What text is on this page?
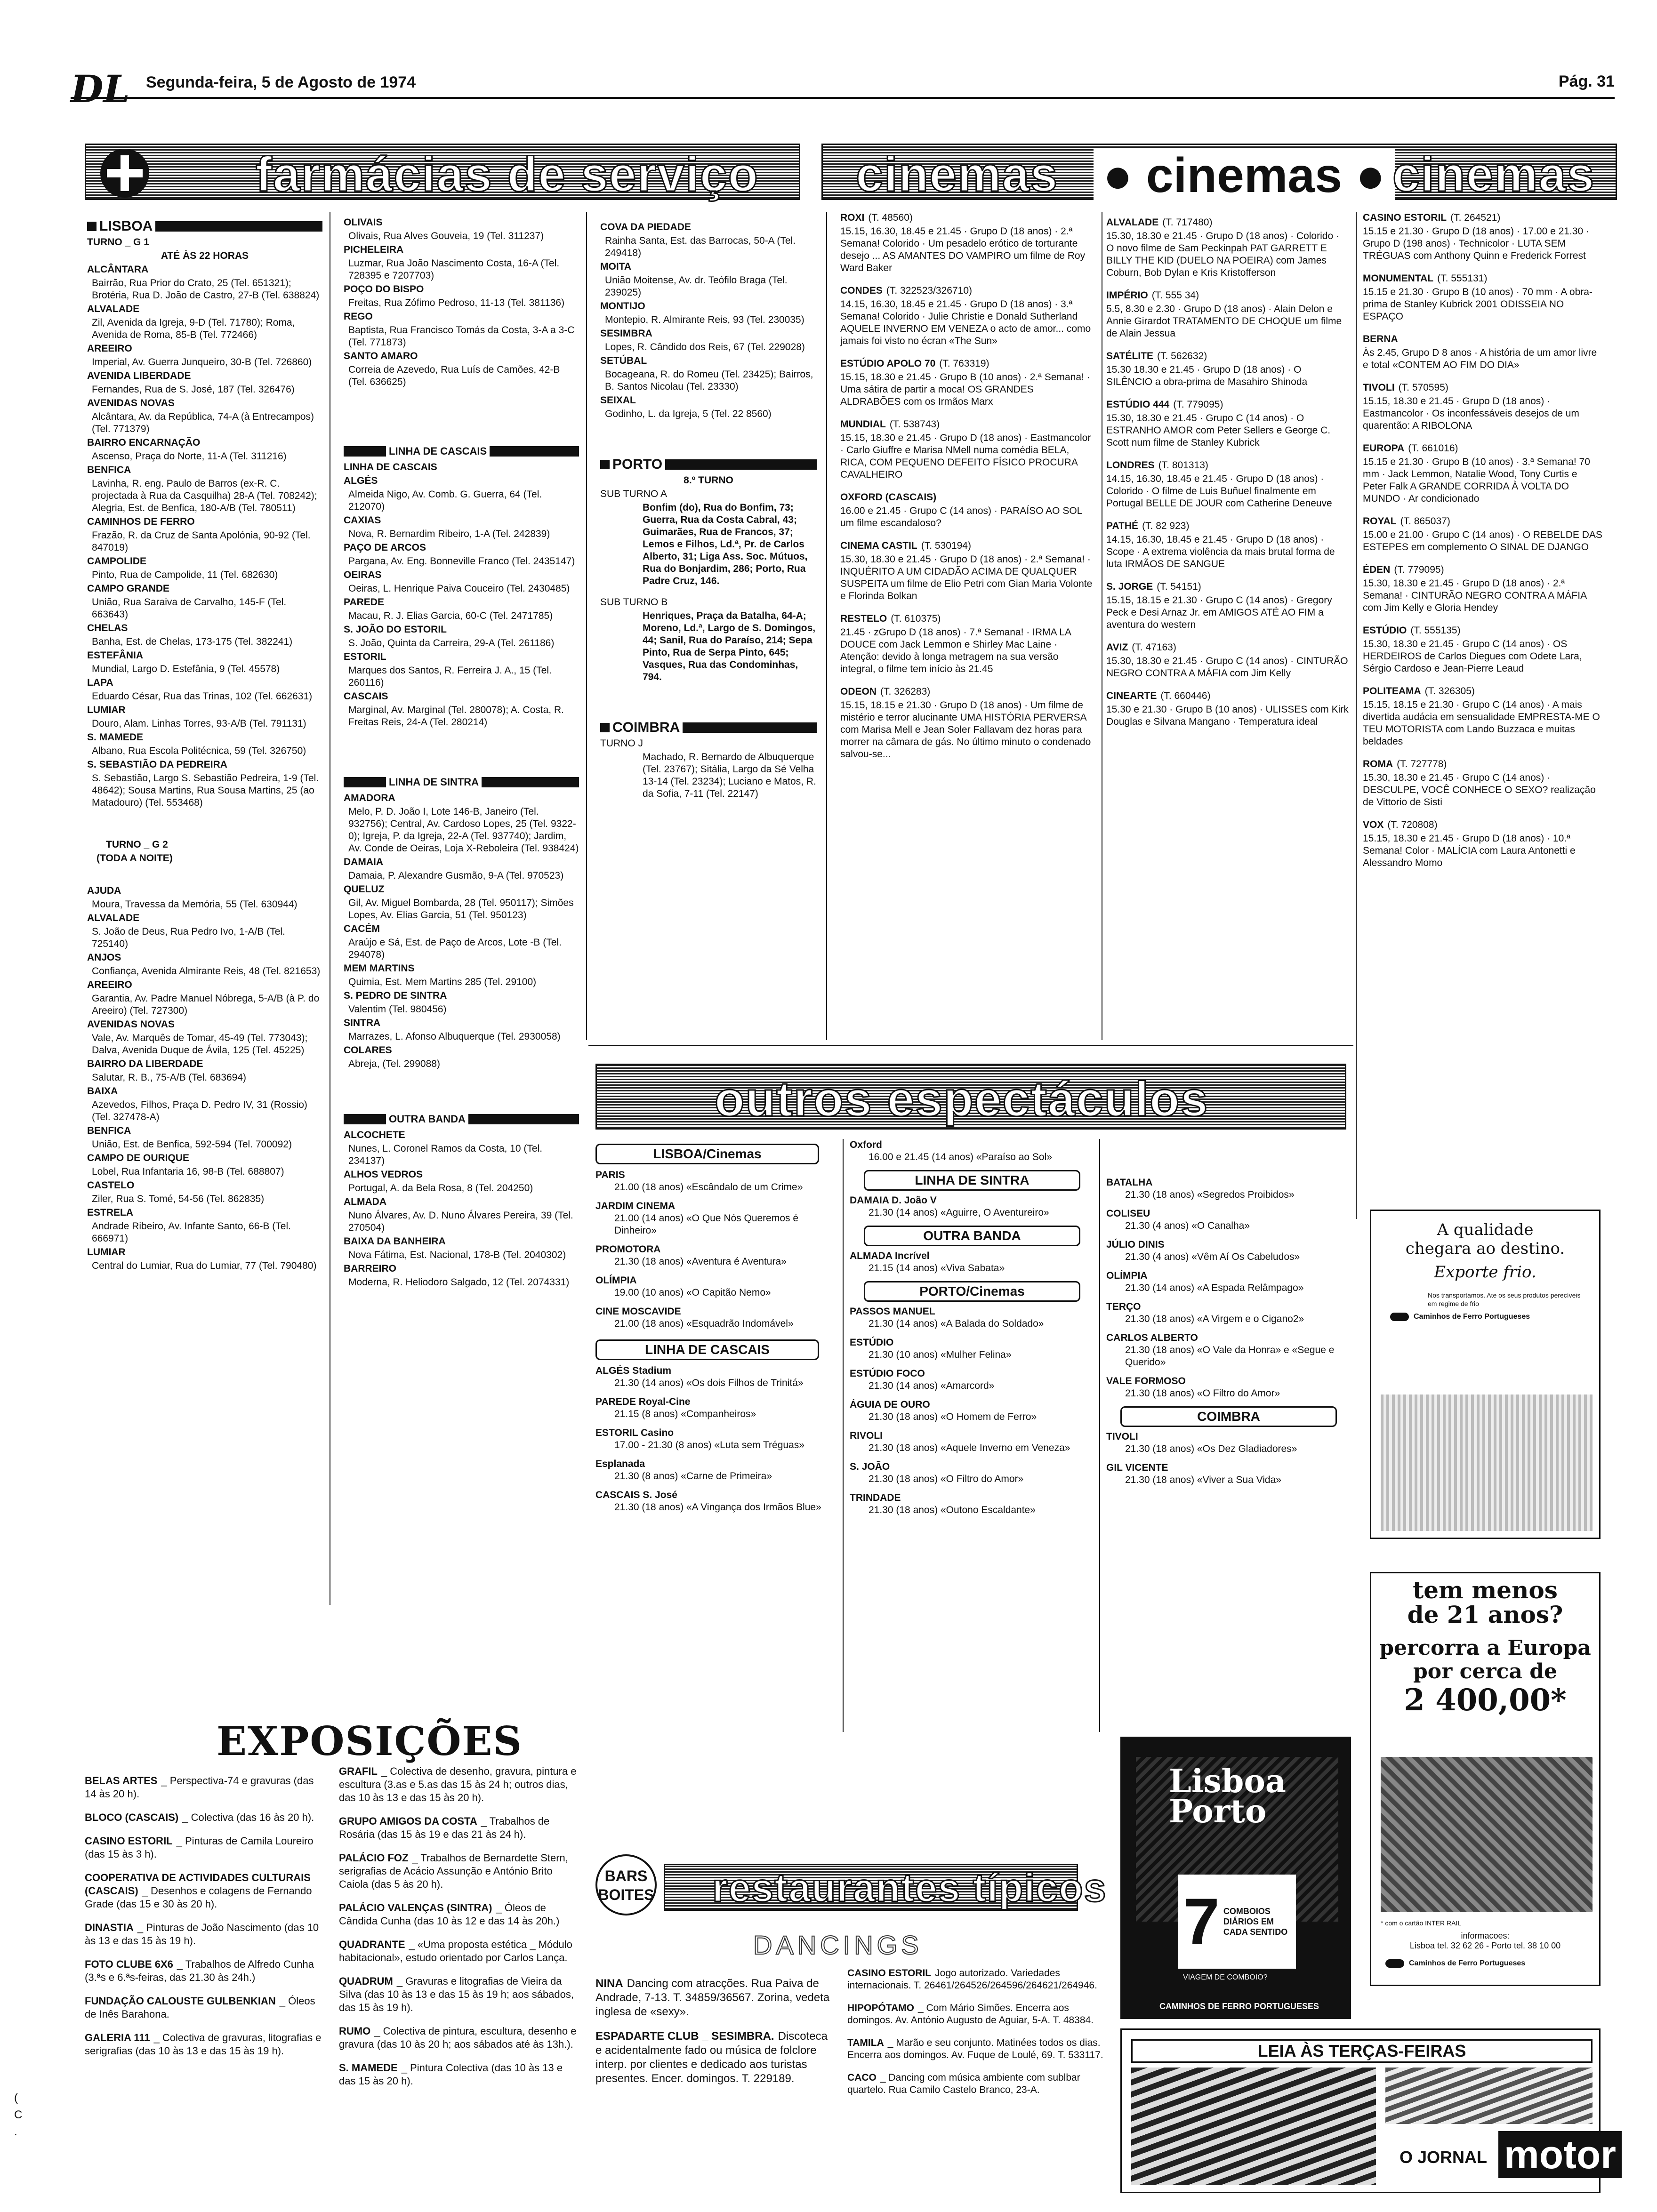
DL Segunda-feira, 5 de Agosto de 1974	Pág. 31
farmácias de serviço cinemas ● cinemas ● cinemas
LISBOA

TURNO _ G 1

ATÉ ÀS 22 HORAS

ALCÂNTARA

Bairrão, Rua Prior do Crato, 25 (Tel. 651321); Brotéria, Rua D. João de Castro, 27-B (Tel. 638824)

ALVALADE

Zil, Avenida da Igreja, 9-D (Tel. 71780); Roma, Avenida de Roma, 85-B (Tel. 772466)

AREEIRO

Imperial, Av. Guerra Junqueiro, 30-B (Tel. 726860)

AVENIDA LIBERDADE

Fernandes, Rua de S. José, 187 (Tel. 326476)

AVENIDAS NOVAS

Alcântara, Av. da República, 74-A (à Entrecampos) (Tel. 771379)

BAIRRO ENCARNAÇÃO

Ascenso, Praça do Norte, 11-A (Tel. 311216)

BENFICA

Lavinha, R. eng. Paulo de Barros (ex-R. C. projectada à Rua da Casquilha) 28-A (Tel. 708242); Alegria, Est. de Benfica, 180-A/B (Tel. 780511)

CAMINHOS DE FERRO

Frazão, R. da Cruz de Santa Apolónia, 90-92 (Tel. 847019)

CAMPOLIDE

Pinto, Rua de Campolide, 11 (Tel. 682630)

CAMPO GRANDE

União, Rua Saraiva de Carvalho, 145-F (Tel. 663643)

CHELAS

Banha, Est. de Chelas, 173-175 (Tel. 382241)

ESTEFÂNIA

Mundial, Largo D. Estefânia, 9 (Tel. 45578)

LAPA

Eduardo César, Rua das Trinas, 102 (Tel. 662631)

LUMIAR

Douro, Alam. Linhas Torres, 93-A/B (Tel. 791131)

S. MAMEDE

Albano, Rua Escola Politécnica, 59 (Tel. 326750)

S. SEBASTIÃO DA PEDREIRA

S. Sebastião, Largo S. Sebastião Pedreira, 1-9 (Tel. 48642); Sousa Martins, Rua Sousa Martins, 25 (ao Matadouro) (Tel. 553468)

TURNO _ G 2

(TODA A NOITE)

AJUDA

Moura, Travessa da Memória, 55 (Tel. 630944)

ALVALADE

S. João de Deus, Rua Pedro Ivo, 1-A/B (Tel. 725140)

ANJOS

Confiança, Avenida Almirante Reis, 48 (Tel. 821653)

AREEIRO

Garantia, Av. Padre Manuel Nóbrega, 5-A/B (à P. do Areeiro) (Tel. 727300)

AVENIDAS NOVAS

Vale, Av. Marquês de Tomar, 45-49 (Tel. 773043); Dalva, Avenida Duque de Ávila, 125 (Tel. 45225)

BAIRRO DA LIBERDADE

Salutar, R. B., 75-A/B (Tel. 683694)

BAIXA

Azevedos, Filhos, Praça D. Pedro IV, 31 (Rossio) (Tel. 327478-A)

BENFICA

União, Est. de Benfica, 592-594 (Tel. 700092)

CAMPO DE OURIQUE

Lobel, Rua Infantaria 16, 98-B (Tel. 688807)

CASTELO

Ziler, Rua S. Tomé, 54-56 (Tel. 862835)

ESTRELA

Andrade Ribeiro, Av. Infante Santo, 66-B (Tel. 666971)

LUMIAR

Central do Lumiar, Rua do Lumiar, 77 (Tel. 790480)

OLIVAIS

Olivais, Rua Alves Gouveia, 19 (Tel. 311237)

PICHELEIRA

Luzmar, Rua João Nascimento Costa, 16-A (Tel. 728395 e 7207703)

POÇO DO BISPO

Freitas, Rua Zófimo Pedroso, 11-13 (Tel. 381136)

REGO

Baptista, Rua Francisco Tomás da Costa, 3-A a 3-C (Tel. 771873)

SANTO AMARO

Correia de Azevedo, Rua Luís de Camões, 42-B (Tel. 636625)

LINHA DE CASCAIS

LINHA DE CASCAIS

ALGÉS

Almeida Nigo, Av. Comb. G. Guerra, 64 (Tel. 212070)

CAXIAS

Nova, R. Bernardim Ribeiro, 1-A (Tel. 242839)

PAÇO DE ARCOS

Pargana, Av. Eng. Bonneville Franco (Tel. 2435147)

OEIRAS

Oeiras, L. Henrique Paiva Couceiro (Tel. 2430485)

PAREDE

Macau, R. J. Elias Garcia, 60-C (Tel. 2471785)

S. JOÃO DO ESTORIL

S. João, Quinta da Carreira, 29-A (Tel. 261186)

ESTORIL

Marques dos Santos, R. Ferreira J. A., 15 (Tel. 260116)

CASCAIS

Marginal, Av. Marginal (Tel. 280078); A. Costa, R. Freitas Reis, 24-A (Tel. 280214)

LINHA DE SINTRA

AMADORA

Melo, P. D. João I, Lote 146-B, Janeiro (Tel. 932756); Central, Av. Cardoso Lopes, 25 (Tel. 9322-0); Igreja, P. da Igreja, 22-A (Tel. 937740); Jardim, Av. Conde de Oeiras, Loja X-Reboleira (Tel. 938424)

DAMAIA

Damaia, P. Alexandre Gusmão, 9-A (Tel. 970523)

QUELUZ

Gil, Av. Miguel Bombarda, 28 (Tel. 950117); Simões Lopes, Av. Elias Garcia, 51 (Tel. 950123)

CACÉM

Araújo e Sá, Est. de Paço de Arcos, Lote -B (Tel. 294078)

MEM MARTINS

Quimia, Est. Mem Martins 285 (Tel. 29100)

S. PEDRO DE SINTRA

Valentim (Tel. 980456)

SINTRA

Marrazes, L. Afonso Albuquerque (Tel. 2930058)

COLARES

Abreja, (Tel. 299088)

OUTRA BANDA

ALCOCHETE

Nunes, L. Coronel Ramos da Costa, 10 (Tel. 234137)

ALHOS VEDROS

Portugal, A. da Bela Rosa, 8 (Tel. 204250)

ALMADA

Nuno Álvares, Av. D. Nuno Álvares Pereira, 39 (Tel. 270504)

BAIXA DA BANHEIRA

Nova Fátima, Est. Nacional, 178-B (Tel. 2040302)

BARREIRO

Moderna, R. Heliodoro Salgado, 12 (Tel. 2074331)

COVA DA PIEDADE

Rainha Santa, Est. das Barrocas, 50-A (Tel. 249418)

MOITA

União Moitense, Av. dr. Teófilo Braga (Tel. 239025)

MONTIJO

Montepio, R. Almirante Reis, 93 (Tel. 230035)

SESIMBRA

Lopes, R. Cândido dos Reis, 67 (Tel. 229028)

SETÚBAL

Bocageana, R. do Romeu (Tel. 23425); Bairros, B. Santos Nicolau (Tel. 23330)

SEIXAL

Godinho, L. da Igreja, 5 (Tel. 22 8560)

PORTO

8.º TURNO

SUB TURNO A

Bonfim (do), Rua do Bonfim, 73; Guerra, Rua da Costa Cabral, 43; Guimarães, Rua de Francos, 37; Lemos e Filhos, Ld.ª, Pr. de Carlos Alberto, 31; Liga Ass. Soc. Mútuos, Rua do Bonjardim, 286; Porto, Rua Padre Cruz, 146.

SUB TURNO B

Henriques, Praça da Batalha, 64-A; Moreno, Ld.ª, Largo de S. Domingos, 44; Sanil, Rua do Paraíso, 214; Sepa Pinto, Rua de Serpa Pinto, 645; Vasques, Rua das Condominhas, 794.

COIMBRA

TURNO J

Machado, R. Bernardo de Albuquerque (Tel. 23767); Sitália, Largo da Sé Velha 13-14 (Tel. 23234); Luciano e Matos, R. da Sofia, 7-11 (Tel. 22147)

ROXI (T. 48560)

15.15, 16.30, 18.45 e 21.45 · Grupo D (18 anos) · 2.ª Semana! Colorido · Um pesadelo erótico de torturante desejo ... AS AMANTES DO VAMPIRO um filme de Roy Ward Baker

CONDES (T. 322523/326710)

14.15, 16.30, 18.45 e 21.45 · Grupo D (18 anos) · 3.ª Semana! Colorido · Julie Christie e Donald Sutherland AQUELE INVERNO EM VENEZA o acto de amor... como jamais foi visto no écran «The Sun»

ESTÚDIO APOLO 70 (T. 763319)

15.15, 18.30 e 21.45 · Grupo B (10 anos) · 2.ª Semana! · Uma sátira de partir a moca! OS GRANDES ALDRABÕES com os Irmãos Marx

MUNDIAL (T. 538743)

15.15, 18.30 e 21.45 · Grupo D (18 anos) · Eastmancolor · Carlo Giuffre e Marisa NMell numa comédia BELA, RICA, COM PEQUENO DEFEITO FÍSICO PROCURA CAVALHEIRO

OXFORD (CASCAIS)

16.00 e 21.45 · Grupo C (14 anos) · PARAÍSO AO SOL um filme escandaloso?

CINEMA CASTIL (T. 530194)

15.30, 18.30 e 21.45 · Grupo D (18 anos) · 2.ª Semana! · INQUÉRITO A UM CIDADÃO ACIMA DE QUALQUER SUSPEITA um filme de Elio Petri com Gian Maria Volonte e Florinda Bolkan

RESTELO (T. 610375)

21.45 · zGrupo D (18 anos) · 7.ª Semana! · IRMA LA DOUCE com Jack Lemmon e Shirley Mac Laine · Atenção: devido à longa metragem na sua versão integral, o filme tem início às 21.45

ODEON (T. 326283)

15.15, 18.15 e 21.30 · Grupo D (18 anos) · Um filme de mistério e terror alucinante UMA HISTÓRIA PERVERSA com Marisa Mell e Jean Soler Fallavam dez horas para morrer na câmara de gás. No último minuto o condenado salvou-se...

ALVALADE (T. 717480)

15.30, 18.30 e 21.45 · Grupo D (18 anos) · Colorido · O novo filme de Sam Peckinpah PAT GARRETT E BILLY THE KID (DUELO NA POEIRA) com James Coburn, Bob Dylan e Kris Kristofferson

IMPÉRIO (T. 555 34)

5.5, 8.30 e 2.30 · Grupo D (18 anos) · Alain Delon e Annie Girardot TRATAMENTO DE CHOQUE um filme de Alain Jessua

SATÉLITE (T. 562632)

15.30 18.30 e 21.45 · Grupo D (18 anos) · O SILÊNCIO a obra-prima de Masahiro Shinoda

ESTÚDIO 444 (T. 779095)

15.30, 18.30 e 21.45 · Grupo C (14 anos) · O ESTRANHO AMOR com Peter Sellers e George C. Scott num filme de Stanley Kubrick

LONDRES (T. 801313)

14.15, 16.30, 18.45 e 21.45 · Grupo D (18 anos) · Colorido · O filme de Luis Buñuel finalmente em Portugal BELLE DE JOUR com Catherine Deneuve

PATHÉ (T. 82 923)

14.15, 16.30, 18.45 e 21.45 · Grupo D (18 anos) · Scope · A extrema violência da mais brutal forma de luta IRMÃOS DE SANGUE

S. JORGE (T. 54151)

15.15, 18.15 e 21.30 · Grupo C (14 anos) · Gregory Peck e Desi Arnaz Jr. em AMIGOS ATÉ AO FIM a aventura do western

AVIZ (T. 47163)

15.30, 18.30 e 21.45 · Grupo C (14 anos) · CINTURÃO NEGRO CONTRA A MÁFIA com Jim Kelly

CINEARTE (T. 660446)

15.30 e 21.30 · Grupo B (10 anos) · ULISSES com Kirk Douglas e Silvana Mangano · Temperatura ideal

CASINO ESTORIL (T. 264521)

15.15 e 21.30 · Grupo D (18 anos) · 17.00 e 21.30 · Grupo D (198 anos) · Technicolor · LUTA SEM TRÉGUAS com Anthony Quinn e Frederick Forrest

MONUMENTAL (T. 555131)

15.15 e 21.30 · Grupo B (10 anos) · 70 mm · A obra-prima de Stanley Kubrick 2001 ODISSEIA NO ESPAÇO

BERNA

Às 2.45, Grupo D 8 anos · A história de um amor livre e total «CONTEM AO FIM DO DIA»

TIVOLI (T. 570595)

15.15, 18.30 e 21.45 · Grupo D (18 anos) · Eastmancolor · Os inconfessáveis desejos de um quarentão: A RIBOLONA

EUROPA (T. 661016)

15.15 e 21.30 · Grupo B (10 anos) · 3.ª Semana! 70 mm · Jack Lemmon, Natalie Wood, Tony Curtis e Peter Falk A GRANDE CORRIDA À VOLTA DO MUNDO · Ar condicionado

ROYAL (T. 865037)

15.00 e 21.00 · Grupo C (14 anos) · O REBELDE DAS ESTEPES em complemento O SINAL DE DJANGO

ÉDEN (T. 779095)

15.30, 18.30 e 21.45 · Grupo D (18 anos) · 2.ª Semana! · CINTURÃO NEGRO CONTRA A MÁFIA com Jim Kelly e Gloria Hendey

ESTÚDIO (T. 555135)

15.30, 18.30 e 21.45 · Grupo C (14 anos) · OS HERDEIROS de Carlos Diegues com Odete Lara, Sérgio Cardoso e Jean-Pierre Leaud

POLITEAMA (T. 326305)

15.15, 18.15 e 21.30 · Grupo C (14 anos) · A mais divertida audácia em sensualidade EMPRESTA-ME O TEU MOTORISTA com Lando Buzzaca e muitas beldades

ROMA (T. 727778)

15.30, 18.30 e 21.45 · Grupo C (14 anos) · DESCULPE, VOCÊ CONHECE O SEXO? realização de Vittorio de Sisti

VOX (T. 720808)

15.15, 18.30 e 21.45 · Grupo D (18 anos) · 10.ª Semana! Color · MALÍCIA com Laura Antonetti e Alessandro Momo

outros espectáculos
LISBOA/Cinemas
PARIS
21.00 (18 anos) «Escândalo de um Crime»
JARDIM CINEMA
21.00 (14 anos) «O Que Nós Queremos é Dinheiro»
PROMOTORA
21.30 (18 anos) «Aventura é Aventura»
OLÍMPIA
19.00 (10 anos) «O Capitão Nemo»
CINE MOSCAVIDE
21.00 (18 anos) «Esquadrão Indomável»
LINHA DE CASCAIS
ALGÉS Stadium
21.30 (14 anos) «Os dois Filhos de Trinitá»
PAREDE Royal-Cine
21.15 (8 anos) «Companheiros»
ESTORIL Casino
17.00 - 21.30 (8 anos) «Luta sem Tréguas»
Esplanada
21.30 (8 anos) «Carne de Primeira»
CASCAIS S. José
21.30 (18 anos) «A Vingança dos Irmãos Blue»
Oxford
16.00 e 21.45 (14 anos) «Paraíso ao Sol»
LINHA DE SINTRA
DAMAIA D. João V
21.30 (14 anos) «Aguirre, O Aventureiro»
OUTRA BANDA
ALMADA Incrível
21.15 (14 anos) «Viva Sabata»
PORTO/Cinemas
PASSOS MANUEL
21.30 (14 anos) «A Balada do Soldado»
ESTÚDIO
21.30 (10 anos) «Mulher Felina»
ESTÚDIO FOCO
21.30 (14 anos) «Amarcord»
ÁGUIA DE OURO
21.30 (18 anos) «O Homem de Ferro»
RIVOLI
21.30 (18 anos) «Aquele Inverno em Veneza»
S. JOÃO
21.30 (18 anos) «O Filtro do Amor»
TRINDADE
21.30 (18 anos) «Outono Escaldante»
BATALHA
21.30 (18 anos) «Segredos Proibidos»
COLISEU
21.30 (4 anos) «O Canalha»
JÚLIO DINIS
21.30 (4 anos) «Vêm Aí Os Cabeludos»
OLÍMPIA
21.30 (14 anos) «A Espada Relâmpago»
TERÇO
21.30 (18 anos) «A Virgem e o Cigano2»
CARLOS ALBERTO
21.30 (18 anos) «O Vale da Honra» e «Segue e Querido»
VALE FORMOSO
21.30 (18 anos) «O Filtro do Amor»
COIMBRA
TIVOLI
21.30 (18 anos) «Os Dez Gladiadores»
GIL VICENTE
21.30 (18 anos) «Viver a Sua Vida»
EXPOSIÇÕES

BELAS ARTES _ Perspectiva-74 e gravuras (das 14 às 20 h).

BLOCO (CASCAIS) _ Colectiva (das 16 às 20 h).

CASINO ESTORIL _ Pinturas de Camila Loureiro (das 15 às 3 h).

COOPERATIVA DE ACTIVIDADES CULTURAIS (CASCAIS) _ Desenhos e colagens de Fernando Grade (das 15 e 30 às 20 h).

DINASTIA _ Pinturas de João Nascimento (das 10 às 13 e das 15 às 19 h).

FOTO CLUBE 6X6 _ Trabalhos de Alfredo Cunha (3.ªs e 6.ªs-feiras, das 21.30 às 24h.)

FUNDAÇÃO CALOUSTE GULBENKIAN _ Óleos de Inês Barahona.

GALERIA 111 _ Colectiva de gravuras, litografias e serigrafias (das 10 às 13 e das 15 às 19 h).

GRAFIL _ Colectiva de desenho, gravura, pintura e escultura (3.as e 5.as das 15 às 24 h; outros dias, das 10 às 13 e das 15 às 20 h).

GRUPO AMIGOS DA COSTA _ Trabalhos de Rosária (das 15 às 19 e das 21 às 24 h).

PALÁCIO FOZ _ Trabalhos de Bernardette Stern, serigrafias de Acácio Assunção e António Brito Caiola (das 5 às 20 h).

PALÁCIO VALENÇAS (SINTRA) _ Óleos de Cândida Cunha (das 10 às 12 e das 14 às 20h.)

QUADRANTE _ «Uma proposta estética _ Módulo habitacional», estudo orientado por Carlos Lança.

QUADRUM _ Gravuras e litografias de Vieira da Silva (das 10 às 13 e das 15 às 19 h; aos sábados, das 15 às 19 h).

RUMO _ Colectiva de pintura, escultura, desenho e gravura (das 10 às 20 h; aos sábados até às 13h.).

S. MAMEDE _ Pintura Colectiva (das 10 às 13 e das 15 às 20 h).

BARS
BOITES restaurantes típicos
DANCINGS

NINA Dancing com atracções. Rua Paiva de Andrade, 7-13. T. 34859/36567. Zorina, vedeta inglesa de «sexy».

ESPADARTE CLUB _ SESIMBRA. Discoteca e acidentalmente fado ou música de folclore interp. por clientes e dedicado aos turistas presentes. Encer. domingos. T. 229189.

CASINO ESTORIL Jogo autorizado. Variedades internacionais. T. 26461/264526/264596/264621/264946.

HIPOPÓTAMO _ Com Mário Simões. Encerra aos domingos. Av. António Augusto de Aguiar, 5-A. T. 48384.

TAMILA _ Marão e seu conjunto. Matinées todos os dias. Encerra aos domingos. Av. Fuque de Loulé, 69. T. 533117.

CACO _ Dancing com música ambiente com sublbar quartelo. Rua Camilo Castelo Branco, 23-A.

Lisboa
Porto
7 COMBOIOS DIÁRIOS EM CADA SENTIDO
VIAGEM DE COMBOIO?
CAMINHOS DE FERRO PORTUGUESES
A qualidade
chegara ao destino.
Exporte frio.
Nos transportamos. Ate os seus produtos perecíveis em regime de frio
Caminhos de Ferro Portugueses
tem menos
de 21 anos?
percorra a Europa
por cerca de
2 400,00*
* com o cartão INTER RAIL
informacoes:
Lisboa tel. 32 62 26 - Porto tel. 38 10 00
Caminhos de Ferro Portugueses
LEIA ÀS TERÇAS-FEIRAS
O JORNAL motor
( C .
